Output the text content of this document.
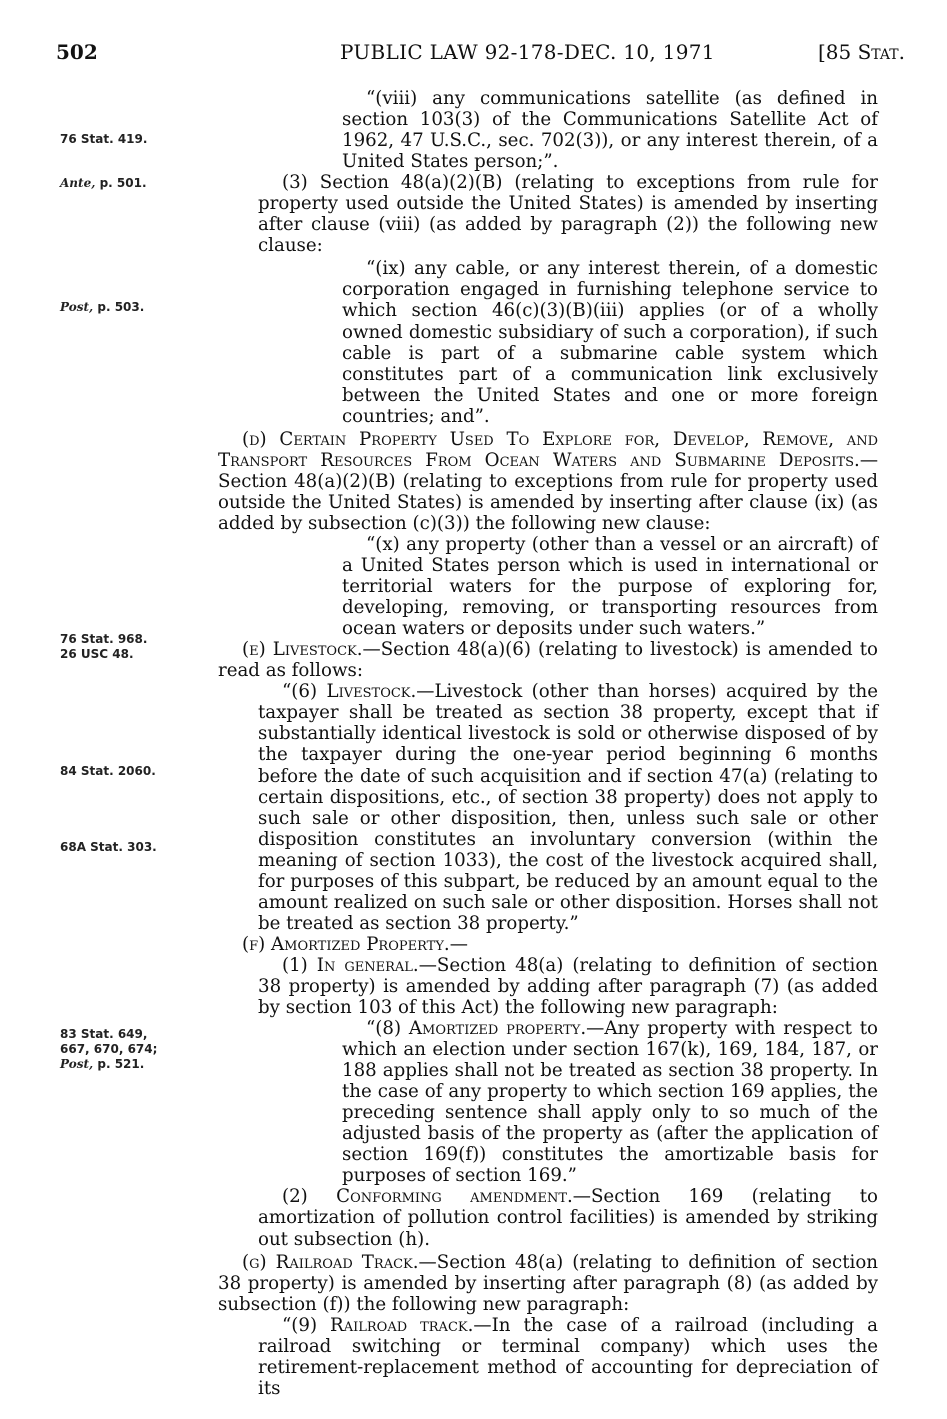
502	PUBLIC LAW 92-178-DEC. 10, 1971	[85 Stat.
76 Stat. 419.
Ante, p. 501.
Post, p. 503.
76 Stat. 968.
26 USC 48.
84 Stat. 2060.
68A Stat. 303.
83 Stat. 649,
667, 670, 674;
Post, p. 521.

“(viii) any communications satellite (as defined in section 103(3) of the Communications Satellite Act of 1962, 47 U.S.C., sec. 702(3)), or any interest therein, of a United States person;”.

(3) Section 48(a)(2)(B) (relating to exceptions from rule for property used outside the United States) is amended by inserting after clause (viii) (as added by paragraph (2)) the following new clause:

“(ix) any cable, or any interest therein, of a domestic corporation engaged in furnishing telephone service to which section 46(c)(3)(B)(iii) applies (or of a wholly owned domestic subsidiary of such a corporation), if such cable is part of a submarine cable system which constitutes part of a communication link exclusively between the United States and one or more foreign countries; and”.

(d) Certain Property Used To Explore for, Develop, Remove, and Transport Resources From Ocean Waters and Submarine Deposits.—Section 48(a)(2)(B) (relating to exceptions from rule for property used outside the United States) is amended by inserting after clause (ix) (as added by subsection (c)(3)) the following new clause:

“(x) any property (other than a vessel or an aircraft) of a United States person which is used in international or territorial waters for the purpose of exploring for, developing, removing, or transporting resources from ocean waters or deposits under such waters.”

(e) Livestock.—Section 48(a)(6) (relating to livestock) is amended to read as follows:

“(6) Livestock.—Livestock (other than horses) acquired by the taxpayer shall be treated as section 38 property, except that if substantially identical livestock is sold or otherwise disposed of by the taxpayer during the one-year period beginning 6 months before the date of such acquisition and if section 47(a) (relating to certain dispositions, etc., of section 38 property) does not apply to such sale or other disposition, then, unless such sale or other disposition constitutes an involuntary conversion (within the meaning of section 1033), the cost of the livestock acquired shall, for purposes of this subpart, be reduced by an amount equal to the amount realized on such sale or other disposition. Horses shall not be treated as section 38 property.”

(f) Amortized Property.—

(1) In general.—Section 48(a) (relating to definition of section 38 property) is amended by adding after paragraph (7) (as added by section 103 of this Act) the following new paragraph:

“(8) Amortized property.—Any property with respect to which an election under section 167(k), 169, 184, 187, or 188 applies shall not be treated as section 38 property. In the case of any property to which section 169 applies, the preceding sentence shall apply only to so much of the adjusted basis of the property as (after the application of section 169(f)) constitutes the amortizable basis for purposes of section 169.”

(2) Conforming amendment.—Section 169 (relating to amortization of pollution control facilities) is amended by striking out subsection (h).

(g) Railroad Track.—Section 48(a) (relating to definition of section 38 property) is amended by inserting after paragraph (8) (as added by subsection (f)) the following new paragraph:

“(9) Railroad track.—In the case of a railroad (including a railroad switching or terminal company) which uses the retirement-replacement method of accounting for depreciation of its
